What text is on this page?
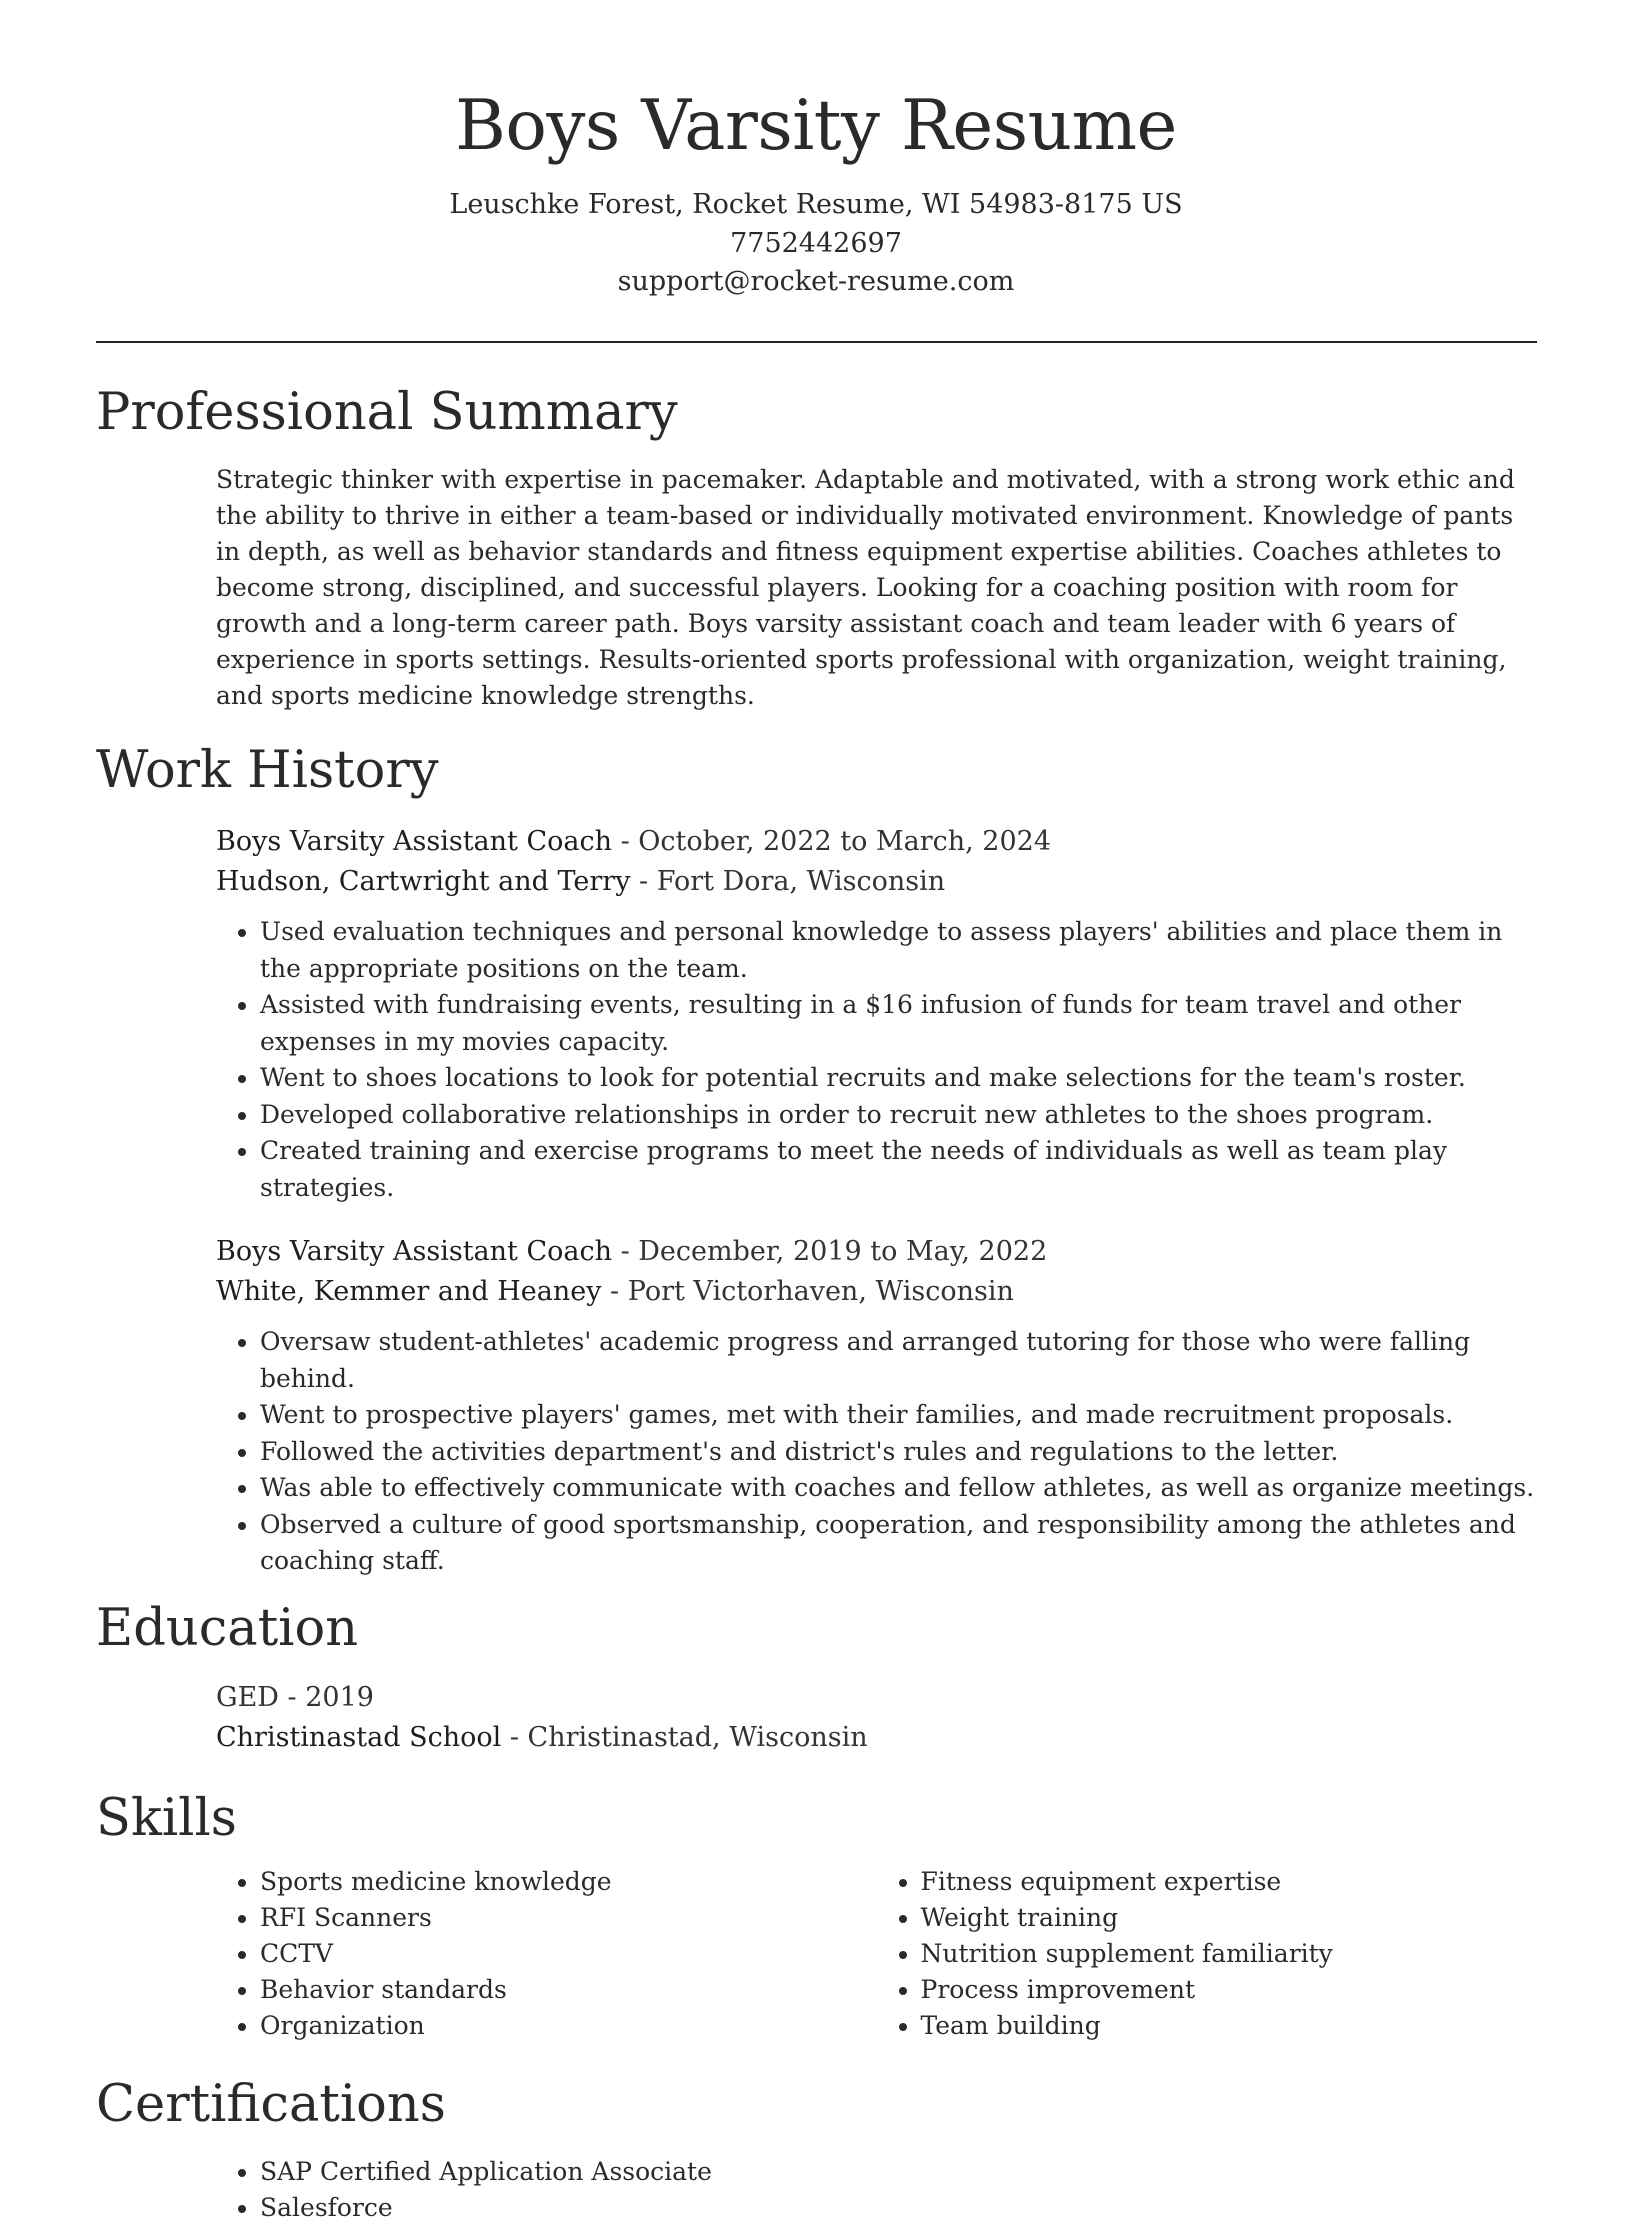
Boys Varsity Resume
Leuschke Forest, Rocket Resume, WI 54983-8175 US
7752442697
support@rocket-resume.com
Professional Summary

Strategic thinker with expertise in pacemaker. Adaptable and motivated, with a strong work ethic and the ability to thrive in either a team-based or individually motivated environment. Knowledge of pants in depth, as well as behavior standards and fitness equipment expertise abilities. Coaches athletes to become strong, disciplined, and successful players. Looking for a coaching position with room for growth and a long-term career path. Boys varsity assistant coach and team leader with 6 years of experience in sports settings. Results-oriented sports professional with organization, weight training, and sports medicine knowledge strengths.

Work History
Boys Varsity Assistant Coach - October, 2022 to March, 2024
Hudson, Cartwright and Terry - Fort Dora, Wisconsin
• Used evaluation techniques and personal knowledge to assess players' abilities and place them in the appropriate positions on the team.
• Assisted with fundraising events, resulting in a $16 infusion of funds for team travel and other expenses in my movies capacity.
• Went to shoes locations to look for potential recruits and make selections for the team's roster.
• Developed collaborative relationships in order to recruit new athletes to the shoes program.
• Created training and exercise programs to meet the needs of individuals as well as team play strategies.
Boys Varsity Assistant Coach - December, 2019 to May, 2022
White, Kemmer and Heaney - Port Victorhaven, Wisconsin
• Oversaw student-athletes' academic progress and arranged tutoring for those who were falling behind.
• Went to prospective players' games, met with their families, and made recruitment proposals.
• Followed the activities department's and district's rules and regulations to the letter.
• Was able to effectively communicate with coaches and fellow athletes, as well as organize meetings.
• Observed a culture of good sportsmanship, cooperation, and responsibility among the athletes and coaching staff.
Education
GED - 2019
Christinastad School - Christinastad, Wisconsin
Skills
• Sports medicine knowledge
• RFI Scanners
• CCTV
• Behavior standards
• Organization
• Fitness equipment expertise
• Weight training
• Nutrition supplement familiarity
• Process improvement
• Team building
Certifications
• SAP Certified Application Associate
• Salesforce
